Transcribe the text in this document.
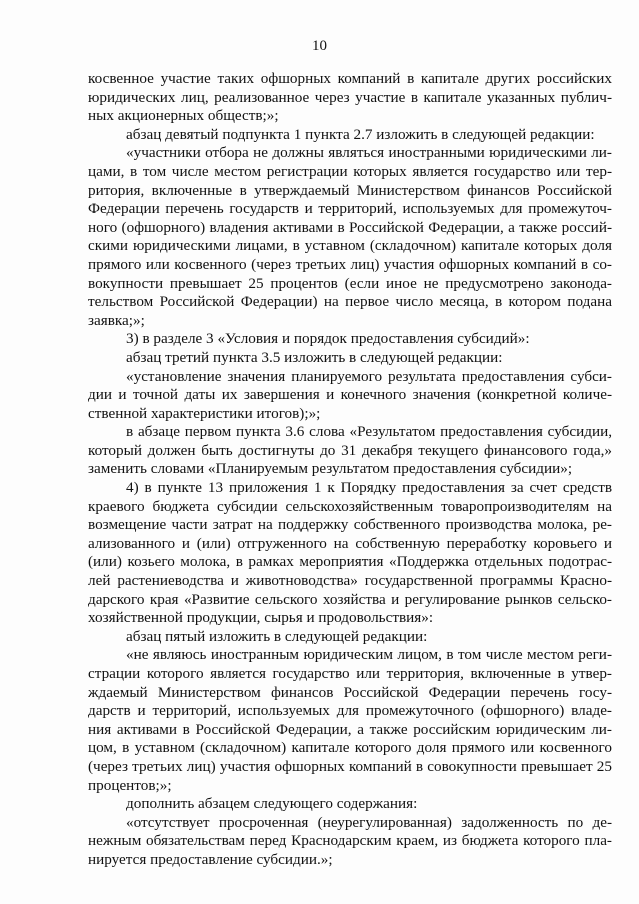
10
косвенное участие таких офшорных компаний в капитале других российских
юридических лиц, реализованное через участие в капитале указанных публич-
ных акционерных обществ;»;
абзац девятый подпункта 1 пункта 2.7 изложить в следующей редакции:
«участники отбора не должны являться иностранными юридическими ли-
цами, в том числе местом регистрации которых является государство или тер-
ритория, включенные в утверждаемый Министерством финансов Российской
Федерации перечень государств и территорий, используемых для промежуточ-
ного (офшорного) владения активами в Российской Федерации, а также россий-
скими юридическими лицами, в уставном (складочном) капитале которых доля
прямого или косвенного (через третьих лиц) участия офшорных компаний в со-
вокупности превышает 25 процентов (если иное не предусмотрено законода-
тельством Российской Федерации) на первое число месяца, в котором подана
заявка;»;
3) в разделе 3 «Условия и порядок предоставления субсидий»:
абзац третий пункта 3.5 изложить в следующей редакции:
«установление значения планируемого результата предоставления субси-
дии и точной даты их завершения и конечного значения (конкретной количе-
ственной характеристики итогов);»;
в абзаце первом пункта 3.6 слова «Результатом предоставления субсидии,
который должен быть достигнуты до 31 декабря текущего финансового года,»
заменить словами «Планируемым результатом предоставления субсидии»;
4) в пункте 13 приложения 1 к Порядку предоставления за счет средств
краевого бюджета субсидии сельскохозяйственным товаропроизводителям на
возмещение части затрат на поддержку собственного производства молока, ре-
ализованного и (или) отгруженного на собственную переработку коровьего и
(или) козьего молока, в рамках мероприятия «Поддержка отдельных подотрас-
лей растениеводства и животноводства» государственной программы Красно-
дарского края «Развитие сельского хозяйства и регулирование рынков сельско-
хозяйственной продукции, сырья и продовольствия»:
абзац пятый изложить в следующей редакции:
«не являюсь иностранным юридическим лицом, в том числе местом реги-
страции которого является государство или территория, включенные в утвер-
ждаемый Министерством финансов Российской Федерации перечень госу-
дарств и территорий, используемых для промежуточного (офшорного) владе-
ния активами в Российской Федерации, а также российским юридическим ли-
цом, в уставном (складочном) капитале которого доля прямого или косвенного
(через третьих лиц) участия офшорных компаний в совокупности превышает 25
процентов;»;
дополнить абзацем следующего содержания:
«отсутствует просроченная (неурегулированная) задолженность по де-
нежным обязательствам перед Краснодарским краем, из бюджета которого пла-
нируется предоставление субсидии.»;
